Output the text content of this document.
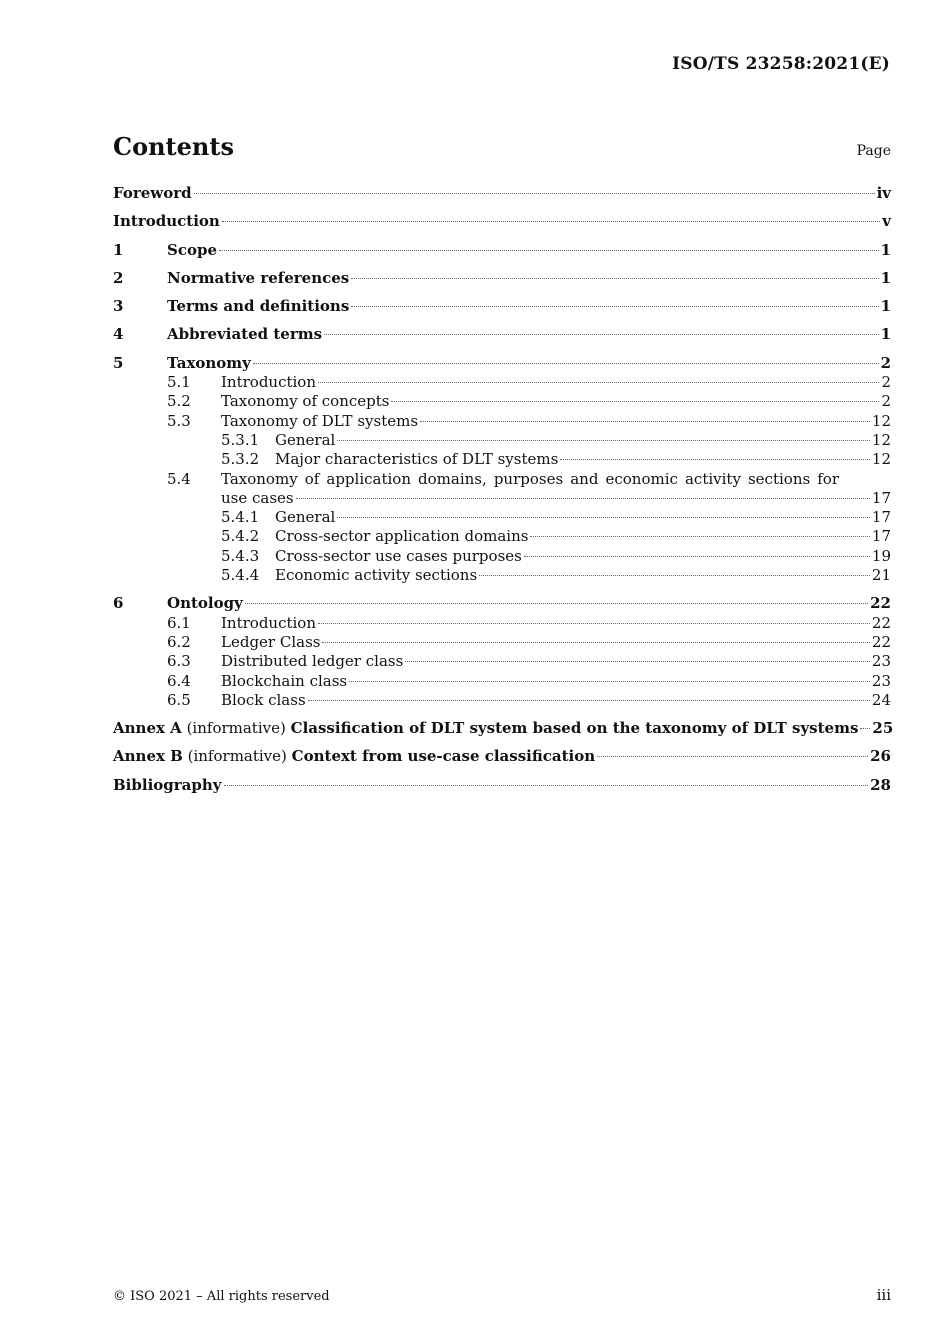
ISO/TS 23258:2021(E)
Contents	Page
Foreword	iv
Introduction	v
1	Scope	1
2	Normative references	1
3	Terms and definitions	1
4	Abbreviated terms	1
5	Taxonomy	2
5.1	Introduction	2
5.2	Taxonomy of concepts	2
5.3	Taxonomy of DLT systems	12
5.3.1	General	12
5.3.2	Major characteristics of DLT systems	12
5.4	Taxonomy of application domains, purposes and economic activity sections for
use cases	17
5.4.1	General	17
5.4.2	Cross-sector application domains	17
5.4.3	Cross-sector use cases purposes	19
5.4.4	Economic activity sections	21
6	Ontology	22
6.1	Introduction	22
6.2	Ledger Class	22
6.3	Distributed ledger class	23
6.4	Blockchain class	23
6.5	Block class	24
Annex A (informative) Classification of DLT system based on the taxonomy of DLT systems 25
Annex B (informative) Context from use-case classification	26
Bibliography	28
© ISO 2021 – All rights reserved	iii
